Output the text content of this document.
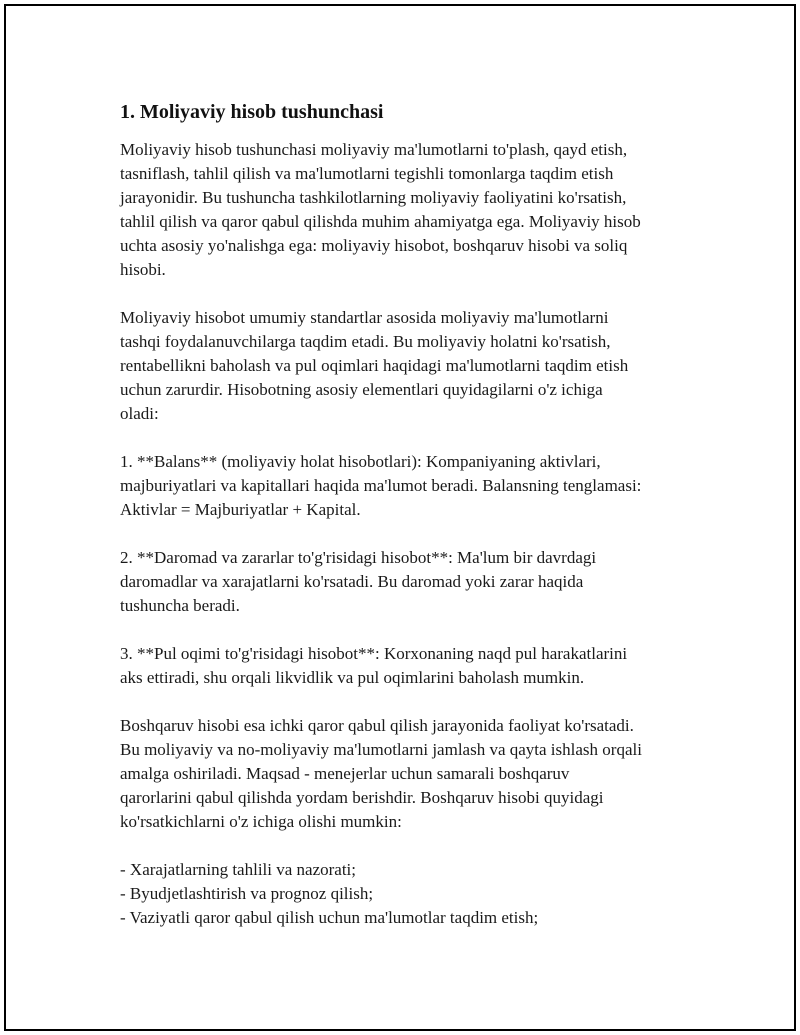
1. Moliyaviy hisob tushunchasi

Moliyaviy hisob tushunchasi moliyaviy ma'lumotlarni to'plash, qayd etish,
tasniflash, tahlil qilish va ma'lumotlarni tegishli tomonlarga taqdim etish
jarayonidir. Bu tushuncha tashkilotlarning moliyaviy faoliyatini ko'rsatish,
tahlil qilish va qaror qabul qilishda muhim ahamiyatga ega. Moliyaviy hisob
uchta asosiy yo'nalishga ega: moliyaviy hisobot, boshqaruv hisobi va soliq
hisobi.

Moliyaviy hisobot umumiy standartlar asosida moliyaviy ma'lumotlarni
tashqi foydalanuvchilarga taqdim etadi. Bu moliyaviy holatni ko'rsatish,
rentabellikni baholash va pul oqimlari haqidagi ma'lumotlarni taqdim etish
uchun zarurdir. Hisobotning asosiy elementlari quyidagilarni o'z ichiga
oladi:

1. **Balans** (moliyaviy holat hisobotlari): Kompaniyaning aktivlari,
majburiyatlari va kapitallari haqida ma'lumot beradi. Balansning tenglamasi:
Aktivlar = Majburiyatlar + Kapital.

2. **Daromad va zararlar to'g'risidagi hisobot**: Ma'lum bir davrdagi
daromadlar va xarajatlarni ko'rsatadi. Bu daromad yoki zarar haqida
tushuncha beradi.

3. **Pul oqimi to'g'risidagi hisobot**: Korxonaning naqd pul harakatlarini
aks ettiradi, shu orqali likvidlik va pul oqimlarini baholash mumkin.

Boshqaruv hisobi esa ichki qaror qabul qilish jarayonida faoliyat ko'rsatadi.
Bu moliyaviy va no-moliyaviy ma'lumotlarni jamlash va qayta ishlash orqali
amalga oshiriladi. Maqsad - menejerlar uchun samarali boshqaruv
qarorlarini qabul qilishda yordam berishdir. Boshqaruv hisobi quyidagi
ko'rsatkichlarni o'z ichiga olishi mumkin:

- Xarajatlarning tahlili va nazorati;
- Byudjetlashtirish va prognoz qilish;
- Vaziyatli qaror qabul qilish uchun ma'lumotlar taqdim etish;
